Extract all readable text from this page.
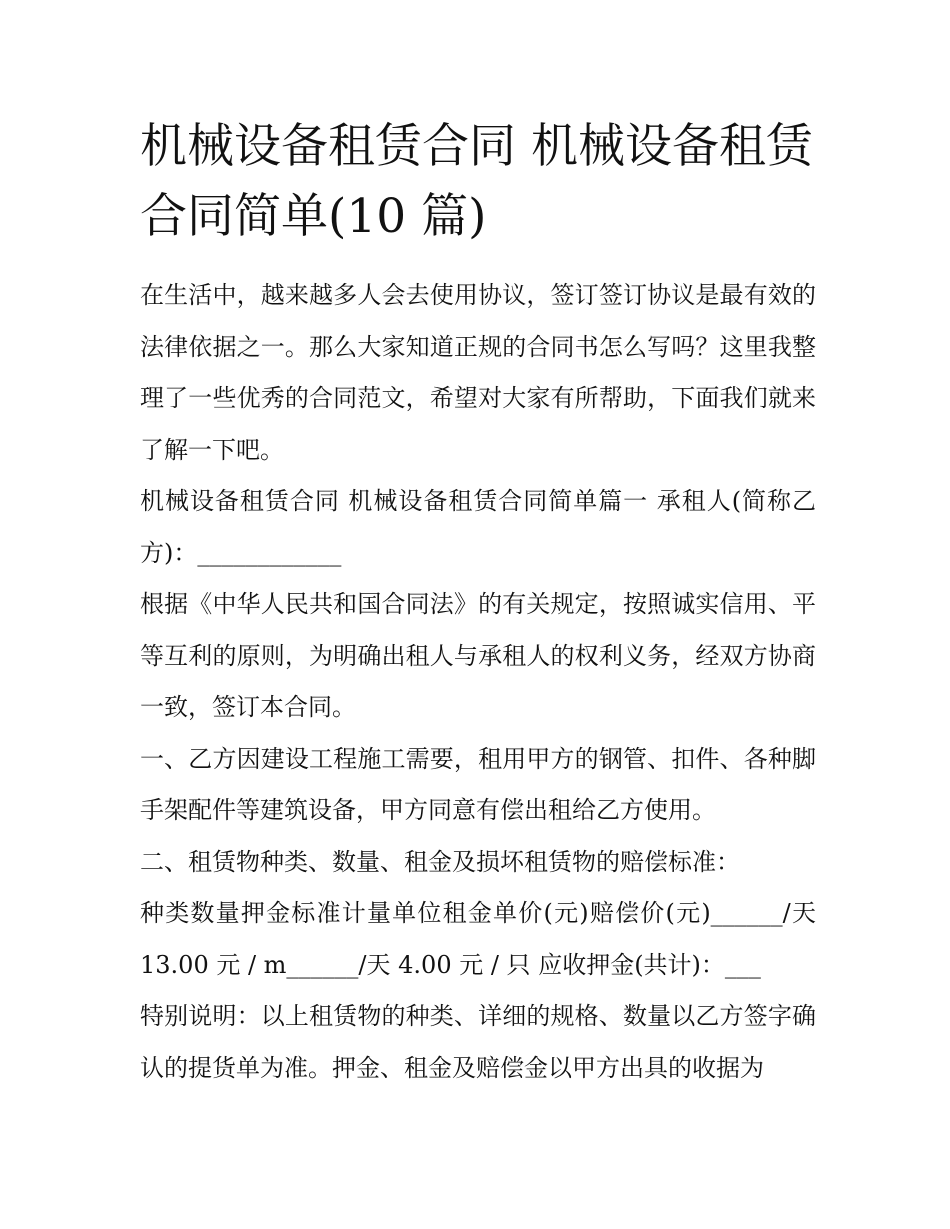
机械设备租赁合同 机械设备租赁合同简单(10 篇)

在生活中，越来越多人会去使用协议，签订签订协议是最有效的法律依据之一。那么大家知道正规的合同书怎么写吗？这里我整理了一些优秀的合同范文，希望对大家有所帮助，下面我们就来了解一下吧。

机械设备租赁合同 机械设备租赁合同简单篇一 承租人(简称乙方)：____________

根据《中华人民共和国合同法》的有关规定，按照诚实信用、平等互利的原则，为明确出租人与承租人的权利义务，经双方协商一致，签订本合同。

一、乙方因建设工程施工需要，租用甲方的钢管、扣件、各种脚手架配件等建筑设备，甲方同意有偿出租给乙方使用。

二、租赁物种类、数量、租金及损坏租赁物的赔偿标准：

种类数量押金标准计量单位租金单价(元)赔偿价(元)______/天13.00 元 / m______/天 4.00 元 / 只 应收押金(共计)：___

特别说明：以上租赁物的种类、详细的规格、数量以乙方签字确认的提货单为准。押金、租金及赔偿金以甲方出具的收据为
